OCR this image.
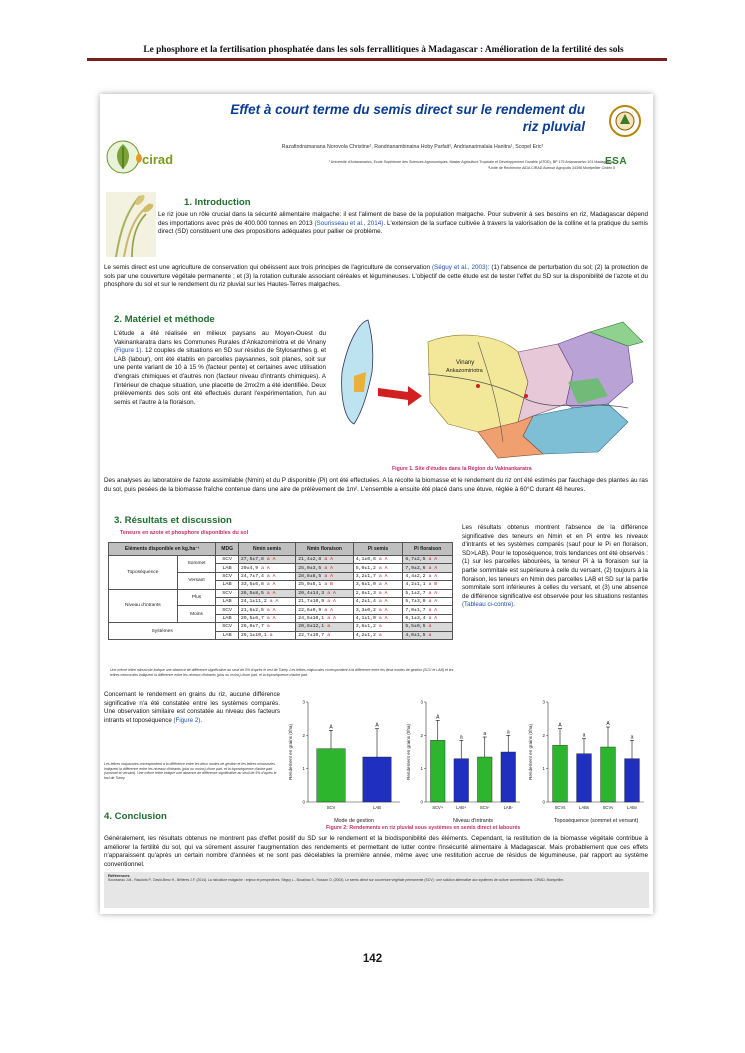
Le phosphore et la fertilisation phosphatée dans les sols ferrallitiques à Madagascar : Amélioration de la fertilité des sols
cirad	ESA
Effet à court terme du semis direct sur le rendement du
riz pluvial
Razafindramanana Norovola Christine¹, Randrianambinaina Hoby Parfait¹, Andrianarimalala Hanitra¹, Scopel Eric²
¹ Université d'Antananarivo, Ecole Supérieure des Sciences Agronomiques, Master Agriculture Tropicale et Développement Durable (ATDD), BP 175 Antananarivo 101 Madagascar.
²Unité de Recherche AIDA CIRAD Avenue Agropolis 34398 Montpellier Cedex 5
1. Introduction
Le riz joue un rôle crucial dans la sécurité alimentaire malgache: il est l'aliment de base de la population malgache. Pour subvenir à ses besoins en riz, Madagascar dépend des importations avec près de 400.000 tonnes en 2013 (Sourisseau et al., 2014). L'extension de la surface cultivée à travers la valorisation de la colline et la pratique du semis direct (SD) constituent une des propositions adéquates pour pallier ce problème.
Le semis direct est une agriculture de conservation qui obéissent aux trois principes de l'agriculture de conservation (Séguy et al., 2003): (1) l'absence de perturbation du sol; (2) la protection de sols par une couverture végétale permanente ; et (3) la rotation culturale associant céréales et légumineuses. L'objectif de cette étude est de tester l'effet du SD sur la disponibilité de l'azote et du phosphore du sol et sur le rendement du riz pluvial sur les Hautes-Terres malgaches.
2. Matériel et méthode
L'étude a été réalisée en milieux paysans au Moyen-Ouest du Vakinankaratra dans les Communes Rurales d'Ankazomiriotra et de Vinany (Figure 1). 12 couples de situations en SD sur résidus de Stylosanthes g. et LAB (labour), ont été établis en parcelles paysannes, soit planes, soit sur une pente variant de 10 à 15 % (facteur pente) et certaines avec utilisation d'engrais chimiques et d'autres non (facteur niveau d'intrants chimiques). A l'intérieur de chaque situation, une placette de 2mx2m a été identifiée. Deux prélèvements des sols ont été effectués durant l'expérimentation, l'un au semis et l'autre à la floraison.
Vinany
Ankazomiriotra
Figure 1. Site d'études dans la Région du Vakinankaratra
Des analyses au laboratoire de l'azote assimilable (Nmin) et du P disponible (Pi) ont été effectuées. A la récolte la biomasse et le rendement du riz ont été estimés par fauchage des plantes au ras du sol, puis pesées de la biomasse fraîche contenue dans une aire de prélèvement de 1m². L'ensemble a ensuite été placé dans une étuve, réglée à 60°C durant 48 heures.
3. Résultats et discussion
Teneurs en azote et phosphore disponibles du sol
Eléments disponible en kg.ha⁻¹		MDG	Nmin semis	Nmin floraison	Pi semis	Pi floraison
Toposéquence	Sommet	SCV	27,5±7,8 a A	21,4±2,8 a A	4,1±0,6 a A	6,7±2,5 a A
		LAB	20±4,9 a A	25,0±3,5 a A	5,0±1,2 a A	7,9±2,6 a A
	Versant	SCV	24,7±7,4 a A	28,8±8,5 a A	3,2±1,7 a A	4,4±2,2 a A
		LAB	33,5±6,8 a A	25,0±5,1 a B	3,6±1,0 a A	4,2±1,1 a B
Niveau d'intrants	Plus	SCV	28,5±8,5 a A	20,4±14,3 a A	2,8±1,3 a A	5,1±2,7 a A
		LAB	24,1±11,2 a A	21,7±10,9 a A	4,2±1,4 a A	5,7±3,0 a A
	Moins	SCV	21,6±2,5 a A	22,6±9,9 a A	3,3±0,2 a A	7,0±1,7 a A
		LAB	29,5±6,7 a A	24,5±10,1 a A	4,1±1,0 a A	6,1±3,4 a A
Systèmes		SCV	26,0±7,7 a	20,8±12,1 a	3,6±1,2 a	5,5±0,5 a
		LAB	26,1±10,1 a	22,7±10,7 a	4,2±1,2 a	4,0±1,5 a
Une même lettre minuscule indique une absence de différence significative au seuil de 5% d'après le test de Tukey. Les lettres majuscules correspondent à la différence entre les deux modes de gestion (SCV et LAB) et les lettres minuscules indiquent la différence entre les niveaux d'intrants (plus ou moins) d'une part, et la toposéquence d'autre part.
Les résultats obtenus montrent l'absence de la différence significative des teneurs en Nmin et en Pi entre les niveaux d'intrants et les systèmes comparés (sauf pour le Pi en floraison, SD>LAB). Pour le toposéquence, trois tendances ont été observés : (1) sur les parcelles labourées, la teneur Pi à la floraison sur la partie sommitale est supérieure à celle du versant, (2) toujours à la floraison, les teneurs en Nmin des parcelles LAB et SD sur la partie sommitale sont inférieures à celles du versant, et (3) une absence de différence significative est observée pour les situations restantes (Tableau ci-contre).
Concernant le rendement en grains du riz, aucune différence significative n'a été constatée entre les systèmes comparés. Une observation similaire est constatée au niveau des facteurs intrants et toposéquence (Figure 2).
Les lettres majuscules correspondent à la différence entre les deux modes de gestion et les lettres minuscules indiquent la différence entre les niveaux d'intrants (plus ou moins) d'une part, et la toposéquence d'autre part (sommet et versant). Une même lettre indique une absence de différence significative au seuil de 5% d'après le test de Tukey.	Rendement en grains (t/ha)
0
1
2
3
A
SCV
A
LAB
Mode de gestion
Rendement en grains (t/ha)
0
1
2
3
A
SCV+
a
LAB+
a
SCV-
a
LAB-
Niveau d'intrants
Rendement en grains (t/ha)
0
1
2
3
A
SCVs
a
LABs
A
SCVv
a
LABv
Toposéquence (sommet et versant)
Figure 2: Rendements en riz pluvial sous systèmes en semis direct et labourés
4. Conclusion
Généralement, les résultats obtenus ne montrent pas d'effet positif du SD sur le rendement et la biodisponibilité des éléments. Cependant, la restitution de la biomasse végétale contribue à améliorer la fertilité du sol, qui va sûrement assurer l'augmentation des rendements et permettant de lutter contre l'insécurité alimentaire à Madagascar. Mais probablement que ces effets n'apparaissent qu'après un certain nombre d'années et ne sont pas décelables la première année, même avec une restitution accrue de résidus de légumineuse, par rapport au système conventionnel.
Références
Sourisseau J.M., Rasolofo P., David-Benz H., Bélières J.F. (2014). La riziculture malgache : enjeux et perspectives. Séguy L., Bouzinac S., Husson O. (2003). Le semis direct sur couverture végétale permanente (SCV) : une solution alternative aux systèmes de culture conventionnels. CIRAD, Montpellier.
142
